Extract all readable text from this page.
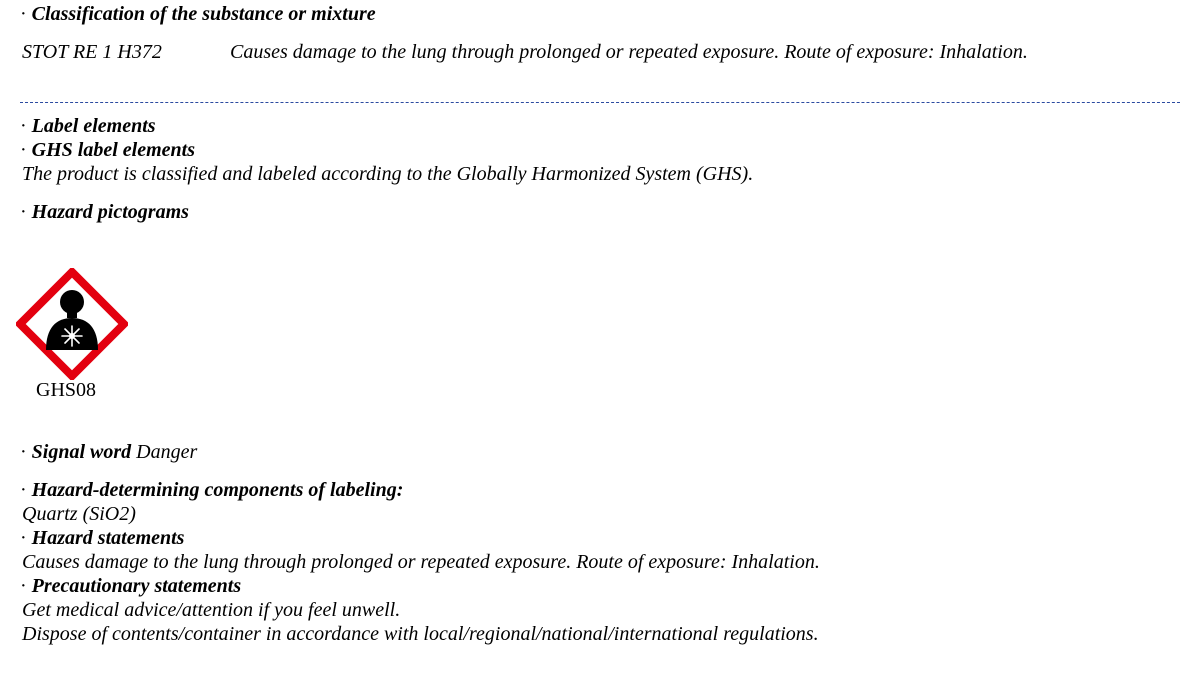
· Classification of the substance or mixture
STOT RE 1 H372	Causes damage to the lung through prolonged or repeated exposure. Route of exposure: Inhalation.
· Label elements
· GHS label elements
The product is classified and labeled according to the Globally Harmonized System (GHS).
· Hazard pictograms
GHS08
· Signal word Danger
· Hazard-determining components of labeling:
Quartz (SiO2)
· Hazard statements
Causes damage to the lung through prolonged or repeated exposure. Route of exposure: Inhalation.
· Precautionary statements
Get medical advice/attention if you feel unwell.
Dispose of contents/container in accordance with local/regional/national/international regulations.
